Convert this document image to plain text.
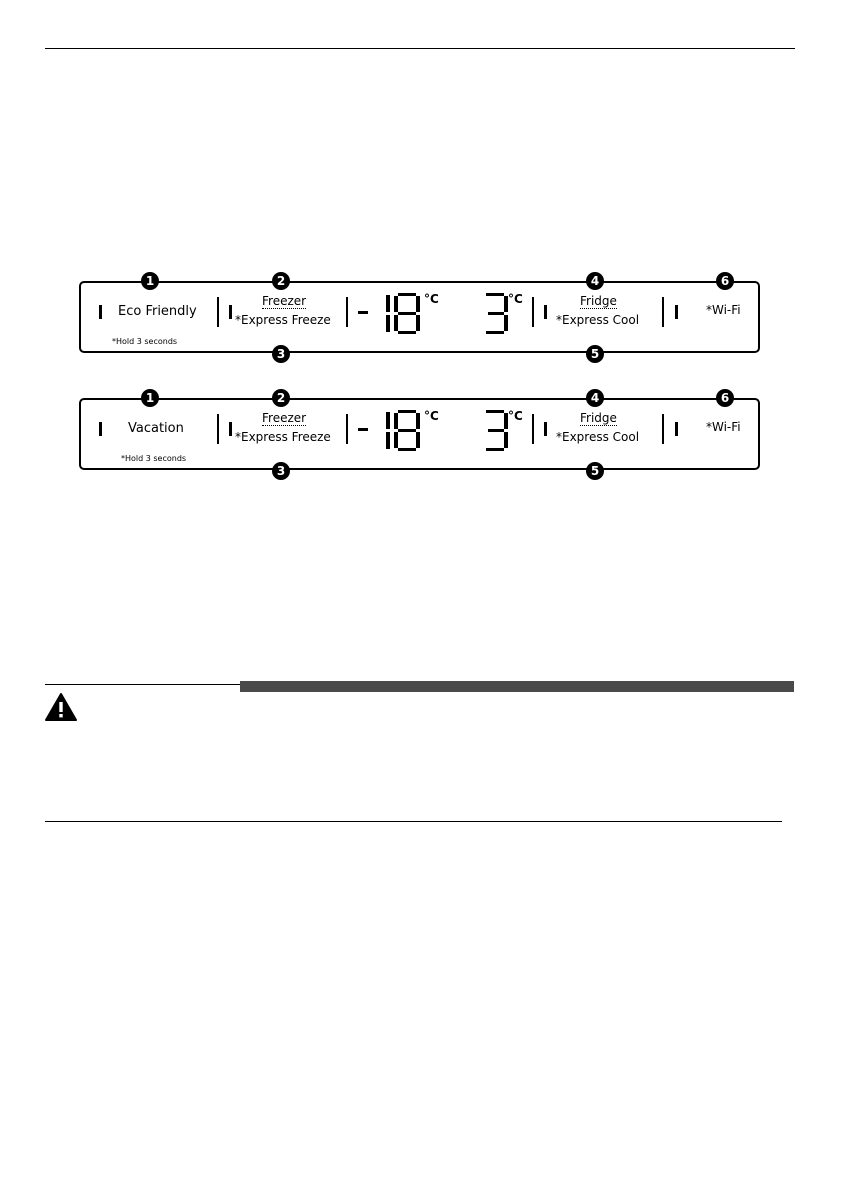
1	2
3
4
5
6
Eco Friendly
*Hold 3 seconds
Freezer
*Express Freeze
°C	°C	Fridge
*Express Cool
*Wi-Fi
1	2
3
4
5
6
Vacation
*Hold 3 seconds
Freezer
*Express Freeze
°C	°C	Fridge
*Express Cool
*Wi-Fi
